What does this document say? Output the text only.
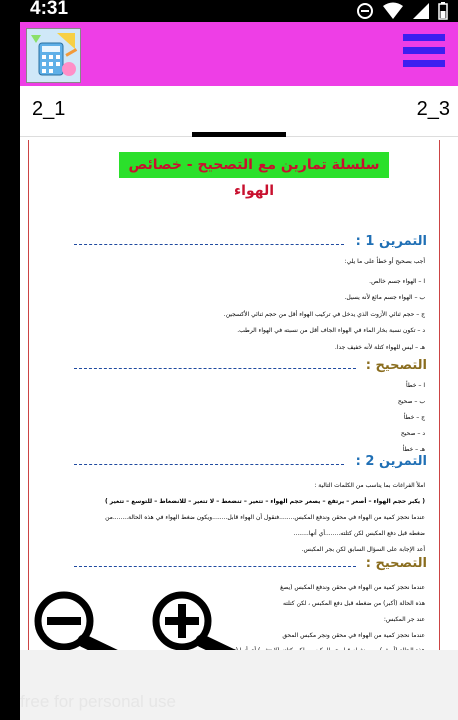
4:31
2_1	2_2	2_3
سلسلة تمارين مع التصحيح - خصائص الهواء
التمرين 1 :
أجب بصحيح أو خطأ على ما يلي:
ا – الهواء جسم خالص.
ب – الهواء جسم مائع لأنه يسيل.
ج – حجم ثنائي الأزوت الذي يدخل في تركيب الهواء أقل من حجم ثنائي الأكسجين.
د – تكون نسبة بخار الماء في الهواء الجاف أقل من نسبته في الهواء الرطب.
هـ – ليس للهواء كتلة لأنه خفيف جدا.
التصحيح :
ا – خطأ
ب – صحيح
ج – خطأ
د – صحيح
هـ – خطأ
التمرين 2 :
املأ الفراغات بما يناسب من الكلمات التالية :
( يكبر حجم الهواء – أصغر – يرتفع – يصغر حجم الهواء – تتغير – تنضغط – لا تتغير – للانضغاط – للتوسع – تتغير )
عندما نحجز كمية من الهواء في محقن وندفع المكبس........فنقول أن الهواء قابل........ويكون ضغط الهواء في هذه الحالة........من
ضغطه قبل دفع المكبس لكن كتلته........أي أنها........
أعد الإجابة على السؤال السابق لكن بجر المكبس.
التصحيح :
عندما نحجز كمية من الهواء في محقن وندفع المكبس (يصغ
هذه الحالة (أكبر) من ضغطه قبل دفع المكبس ، لكن كتلته
عند جر المكبس:
عندما نحجز كمية من الهواء في محقن ونجر مكبس المحق
free for personal use
